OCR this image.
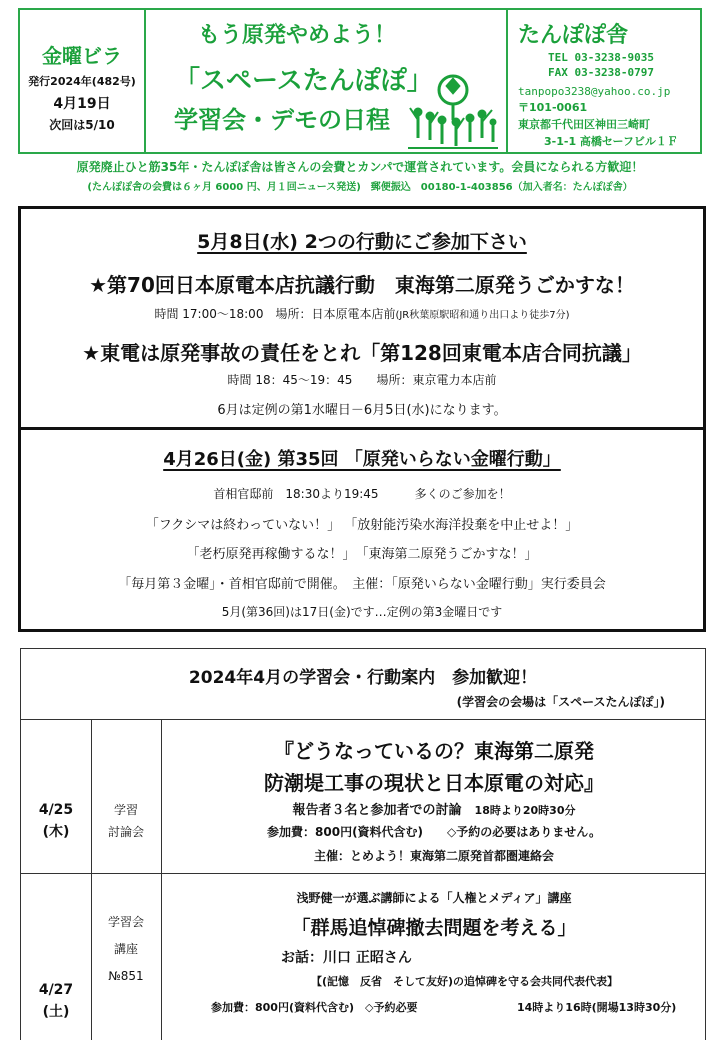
金曜ビラ
発行2024年(482号)
4月19日
次回は5/10
もう原発やめよう！
「スペースたんぽぽ」
学習会・デモの日程
たんぽぽ舎
TEL 03-3238-9035
FAX 03-3238-0797
tanpopo3238@yahoo.co.jp
〒101-0061
東京都千代田区神田三崎町
3-1-1 高橋セーフビル１Ｆ
原発廃止ひと筋35年・たんぽぽ舎は皆さんの会費とカンパで運営されています。会員になられる方歓迎！
(たんぽぽ舎の会費は６ヶ月 6000 円、月１回ニュース発送)　郵便振込　00180-1-403856（加入者名：たんぽぽ舎）
5月8日(水) 2つの行動にご参加下さい
★第70回日本原電本店抗議行動　東海第二原発うごかすな！
時間 17:00～18:00　場所：日本原電本店前(JR秋葉原駅昭和通り出口より徒歩7分)
★東電は原発事故の責任をとれ「第128回東電本店合同抗議」
時間 18：45～19：45　　場所：東京電力本店前
6月は定例の第1水曜日－6月5日(水)になります。
4月26日(金) 第35回 「原発いらない金曜行動」
首相官邸前　18:30より19:45　　　多くのご参加を！
「フクシマは終わっていない！」 「放射能汚染水海洋投棄を中止せよ！」
「老朽原発再稼働するな！」　「東海第二原発うごかすな！」
「毎月第３金曜」・首相官邸前で開催。　主催：「原発いらない金曜行動」実行委員会
5月(第36回)は17日(金)です…定例の第3金曜日です
2024年4月の学習会・行動案内　参加歓迎！
(学習会の会場は「スペースたんぽぽ」)
4/25
(木)
学習
討論会
『どうなっているの？東海第二原発
防潮堤工事の現状と日本原電の対応』
報告者３名と参加者での討論　 18時より20時30分
参加費：800円(資料代含む)　　◇予約の必要はありません。
主催：とめよう！東海第二原発首都圏連絡会
学習会
講座
№851
4/27
(土)
浅野健一が選ぶ講師による「人権とメディア」講座
「群馬追悼碑撤去問題を考える」
お話：川口 正昭さん
【(記憶　反省　そして友好)の追悼碑を守る会共同代表代表】
参加費：800円(資料代含む)　◇予約必要	14時より16時(開場13時30分)
